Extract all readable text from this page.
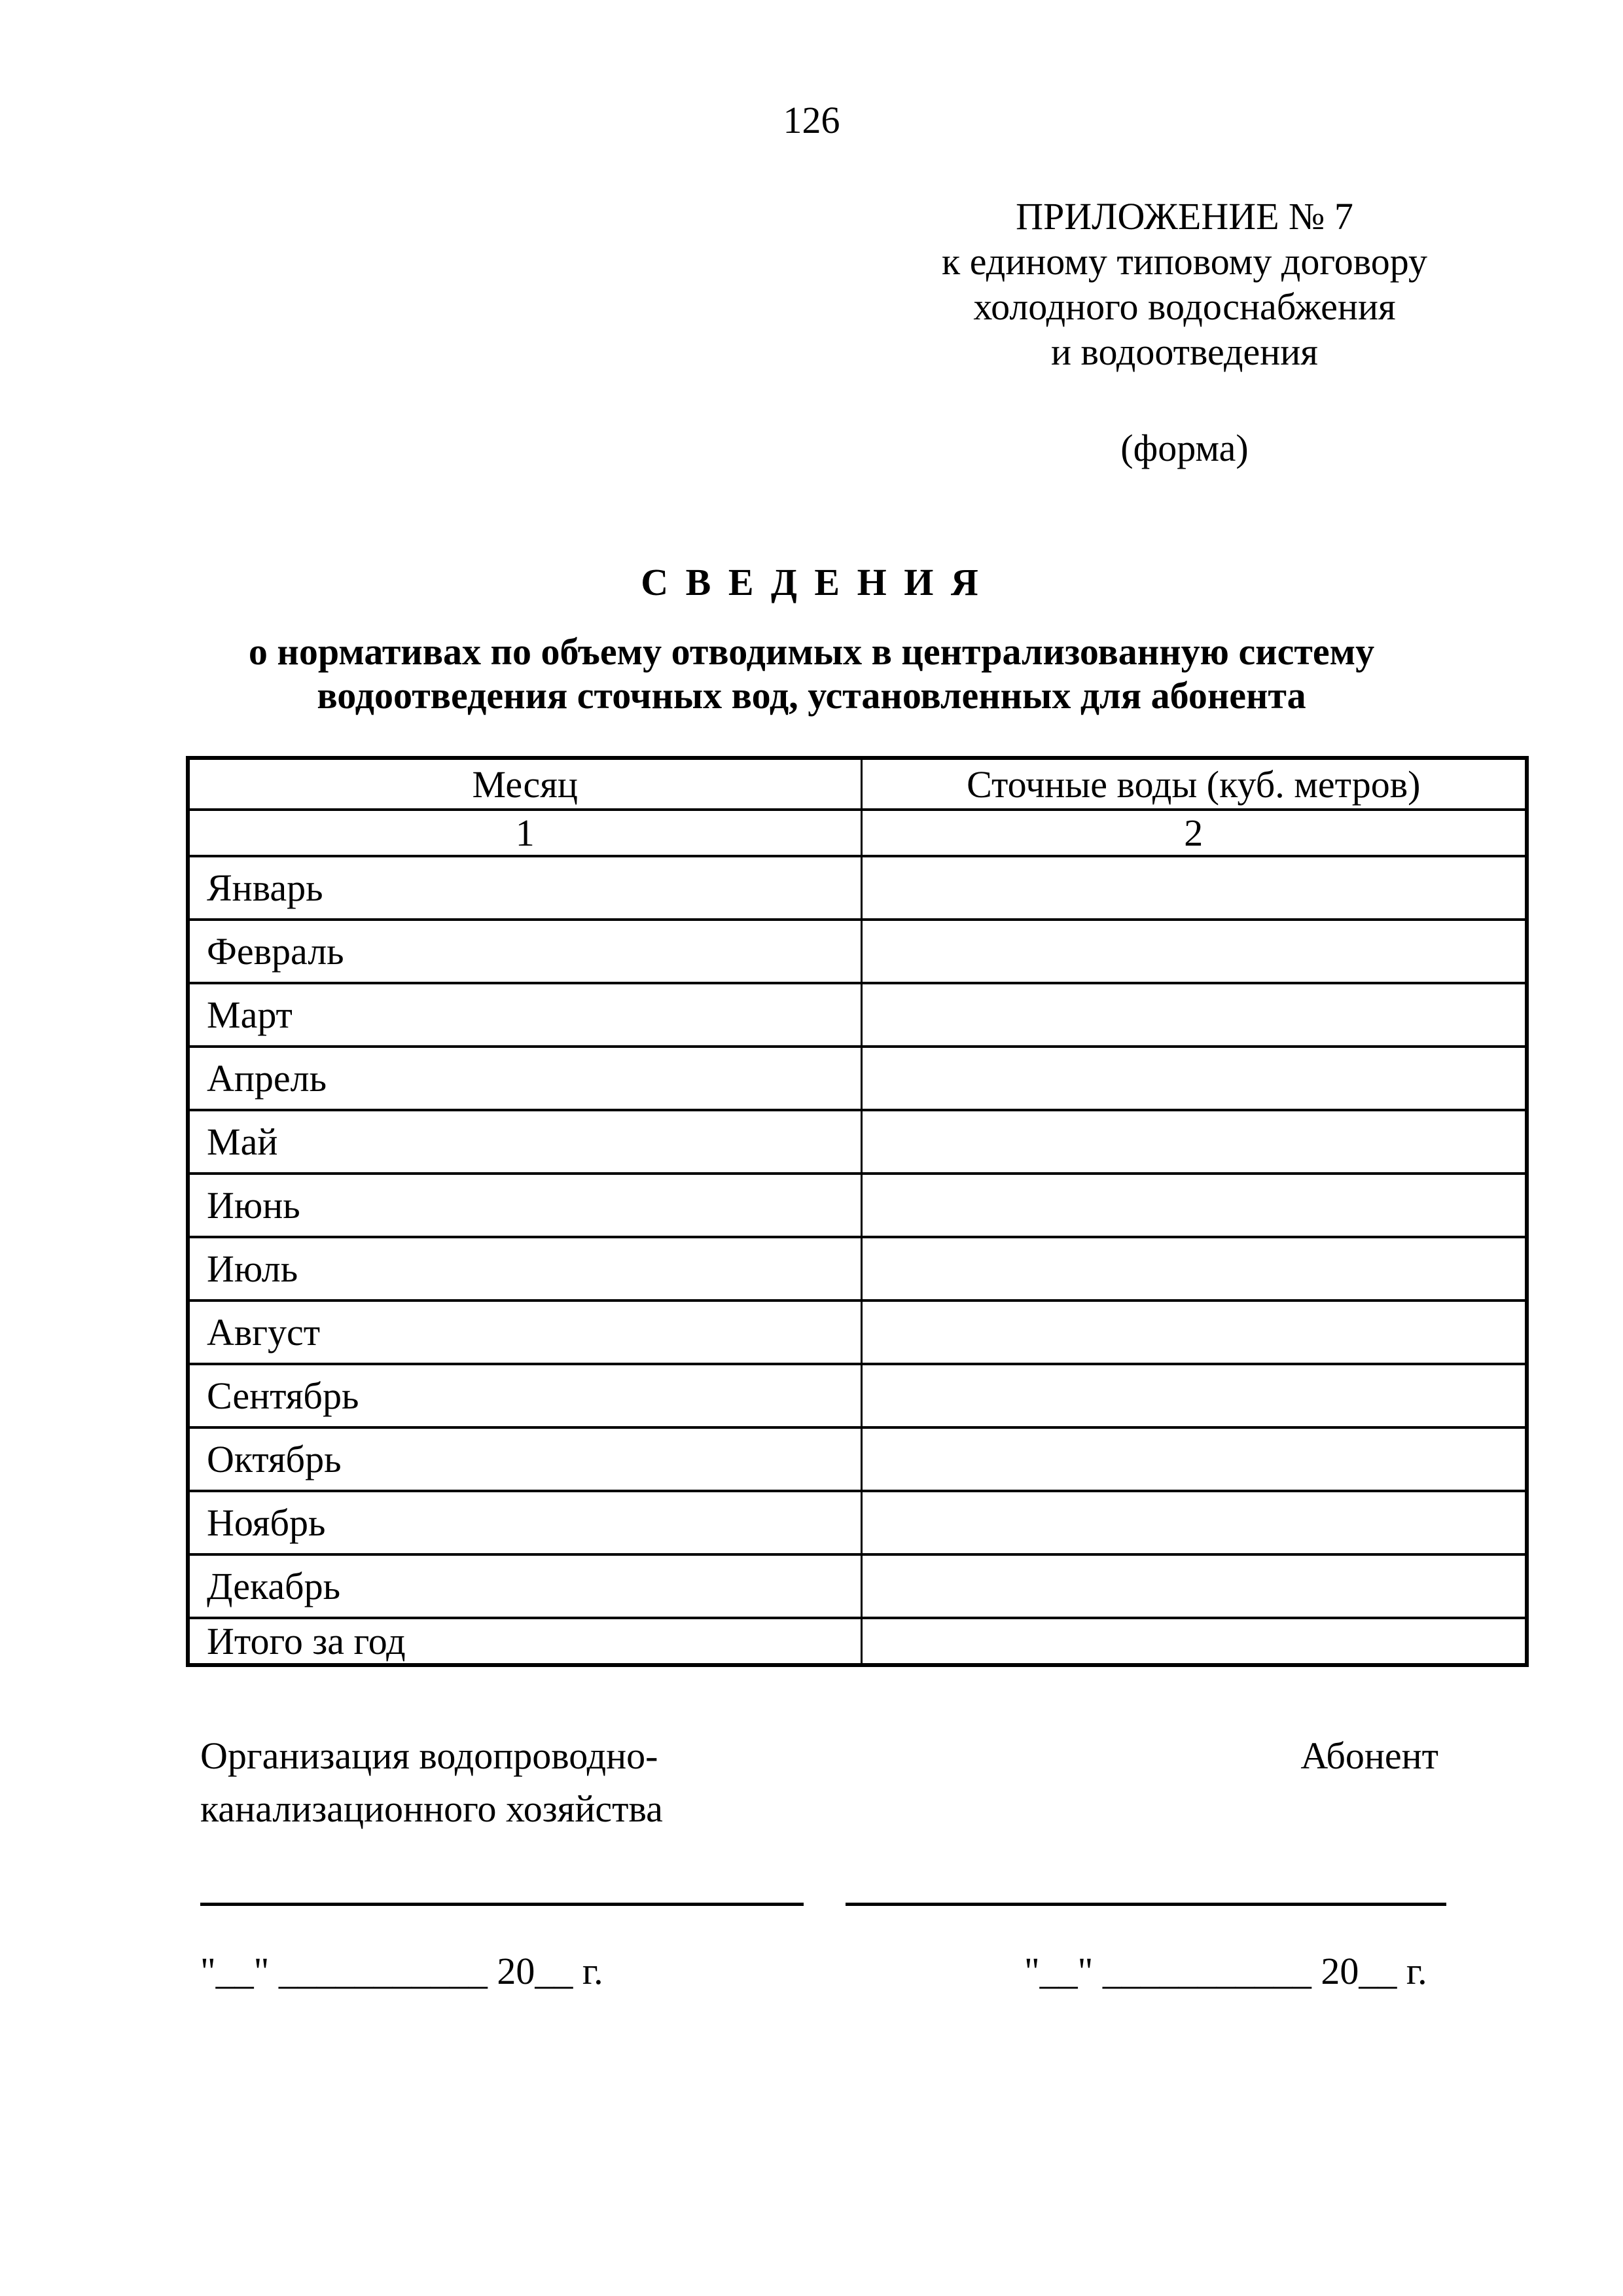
126
ПРИЛОЖЕНИЕ № 7
к единому типовому договору
холодного водоснабжения
и водоотведения
(форма)
С В Е Д Е Н И Я
о нормативах по объему отводимых в централизованную систему
водоотведения сточных вод, установленных для абонента
Месяц	Сточные воды (куб. метров)
1	2
Январь	
Февраль	
Март	
Апрель	
Май	
Июнь	
Июль	
Август	
Сентябрь	
Октябрь	
Ноябрь	
Декабрь	
Итого за год	
Организация водопроводно-
канализационного хозяйства
Абонент
"__" ___________ 20__ г.	"__" ___________ 20__ г.
